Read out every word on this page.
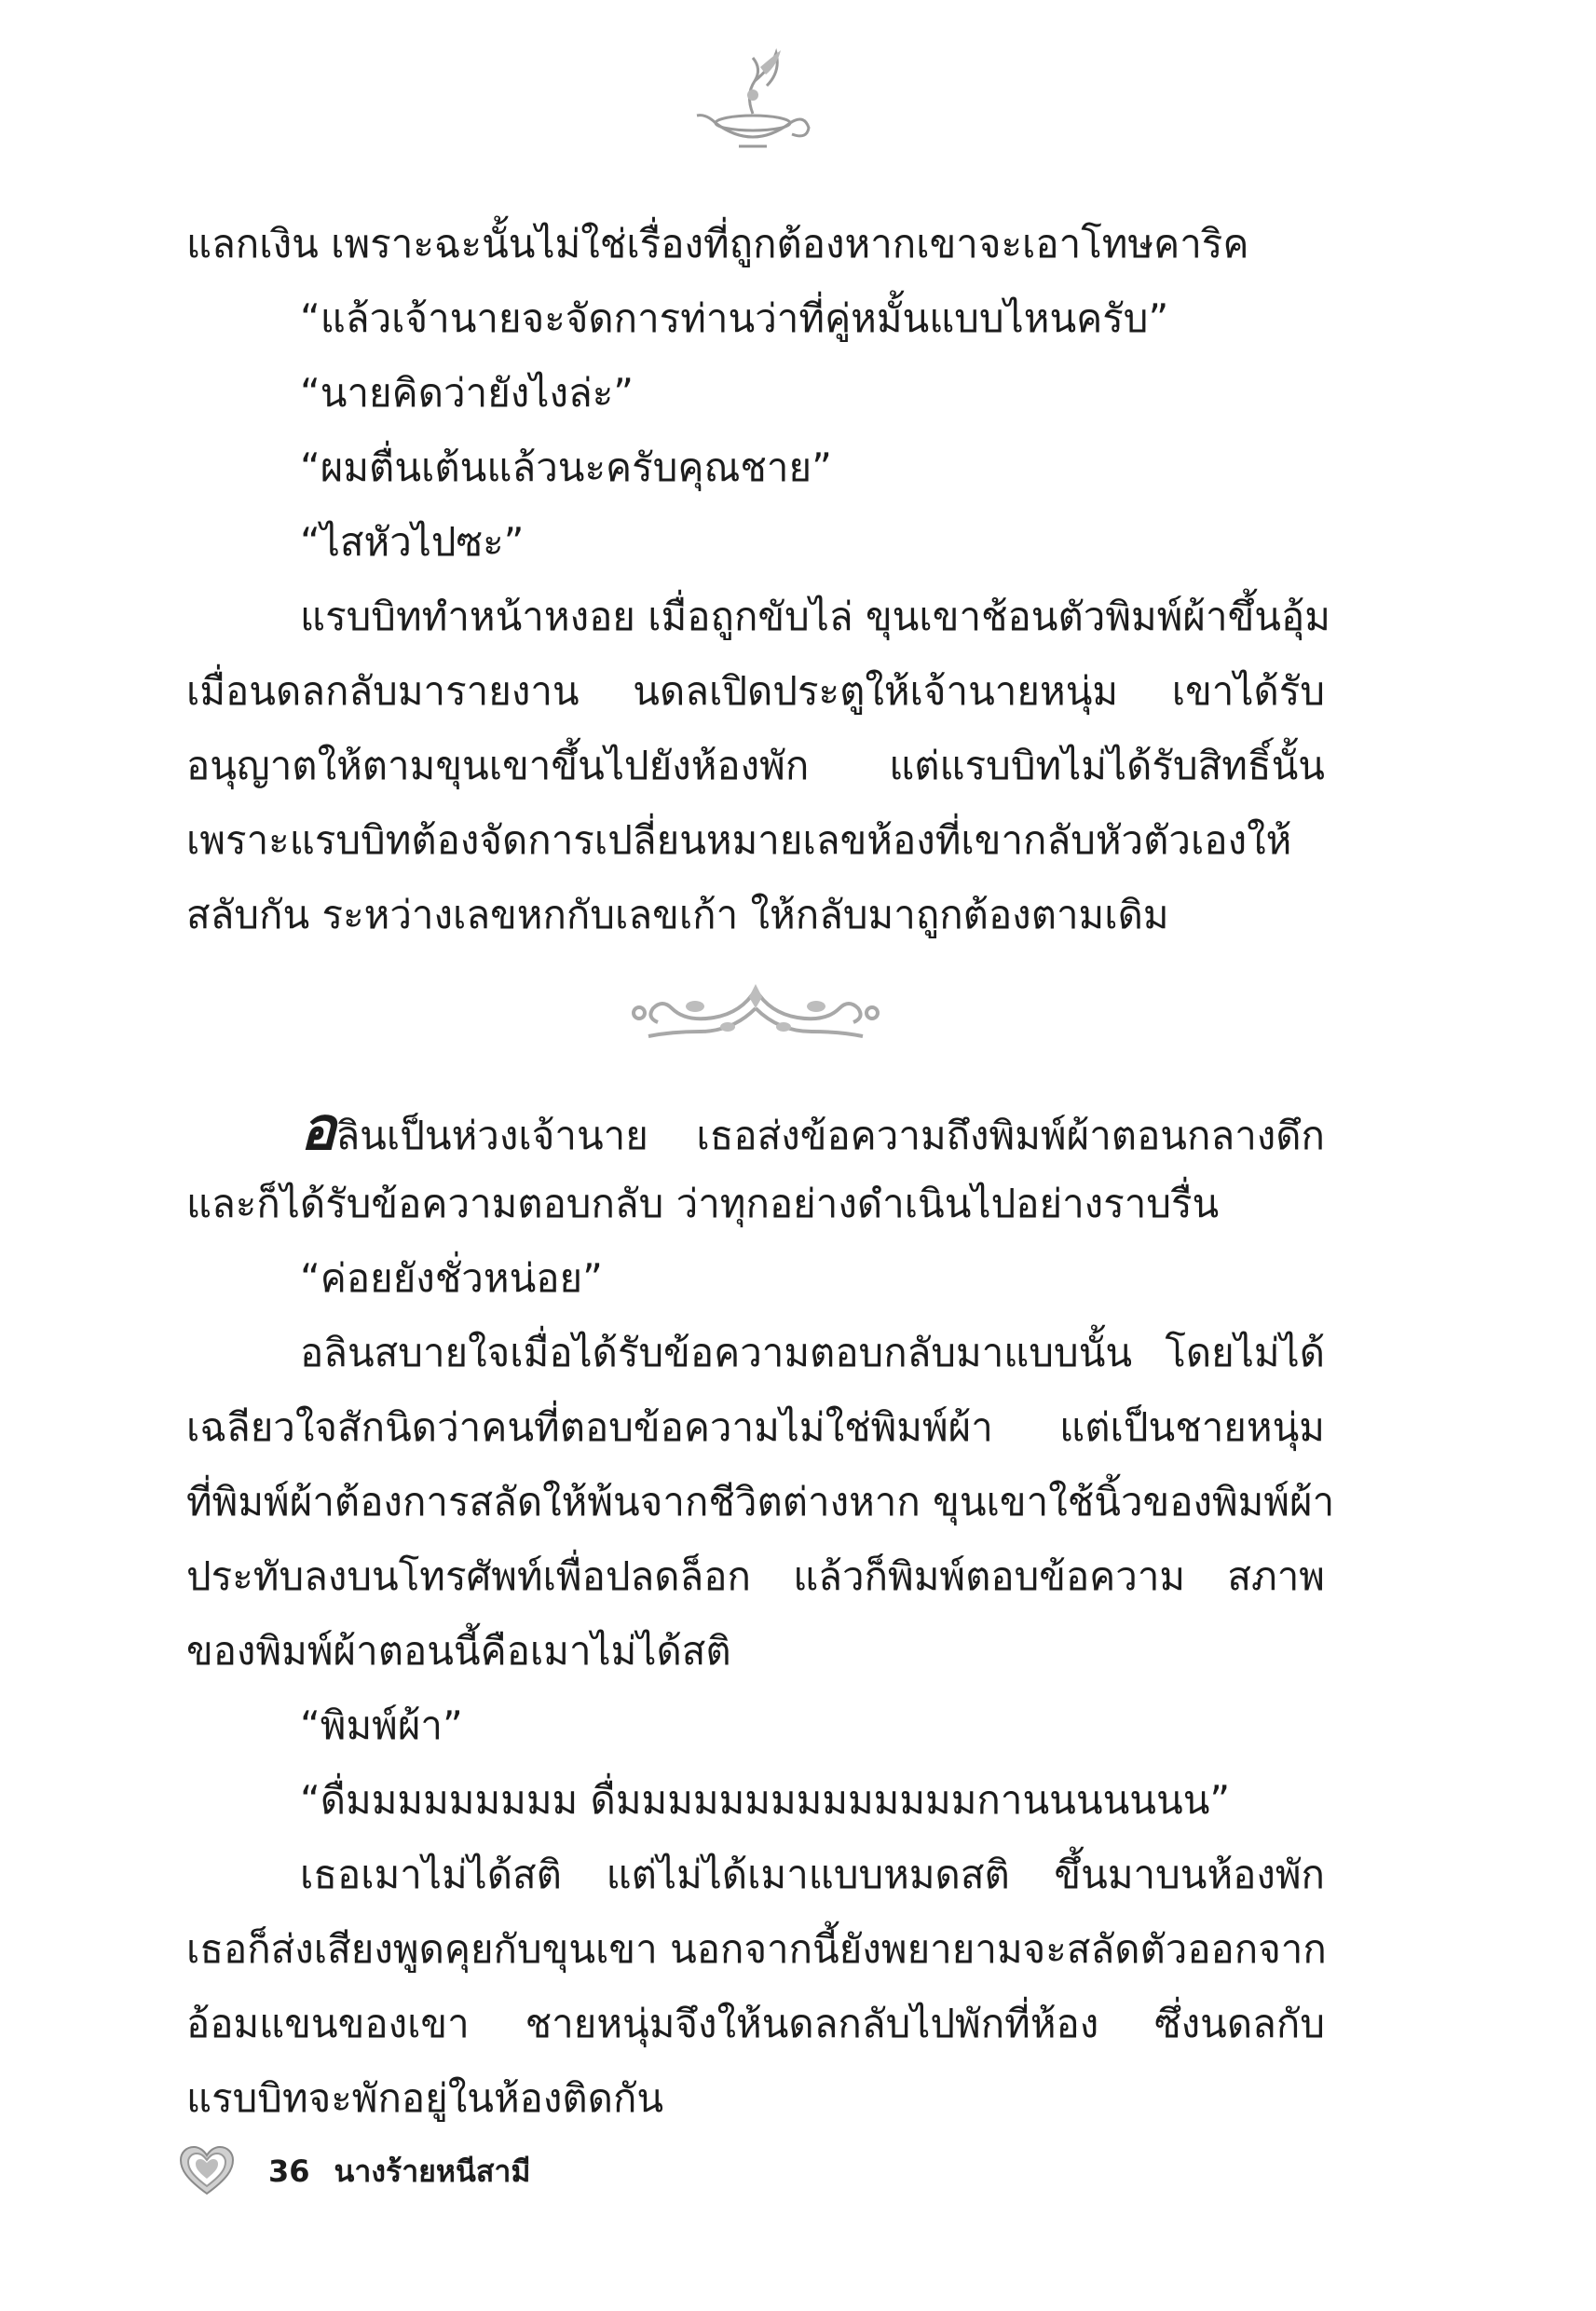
แลกเงิน เพราะฉะนั้นไม่ใช่เรื่องที่ถูกต้องหากเขาจะเอาโทษคาริค
“แล้วเจ้านายจะจัดการท่านว่าที่คู่หมั้นแบบไหนครับ”
“นายคิดว่ายังไงล่ะ”
“ผมตื่นเต้นแล้วนะครับคุณชาย”
“ไสหัวไปซะ”
แรบบิททำหน้าหงอย เมื่อถูกขับไล่ ขุนเขาช้อนตัวพิมพ์ผ้าขึ้นอุ้ม
เมื่อนดลกลับมารายงาน นดลเปิดประตูให้เจ้านายหนุ่ม เขาได้รับ
อนุญาตให้ตามขุนเขาขึ้นไปยังห้องพัก แต่แรบบิทไม่ได้รับสิทธิ์นั้น
เพราะแรบบิทต้องจัดการเปลี่ยนหมายเลขห้องที่เขากลับหัวตัวเองให้
สลับกัน ระหว่างเลขหกกับเลขเก้า ให้กลับมาถูกต้องตามเดิม
อลินเป็นห่วงเจ้านาย เธอส่งข้อความถึงพิมพ์ผ้าตอนกลางดึก
และก็ได้รับข้อความตอบกลับ ว่าทุกอย่างดำเนินไปอย่างราบรื่น
“ค่อยยังชั่วหน่อย”
อลินสบายใจเมื่อได้รับข้อความตอบกลับมาแบบนั้น โดยไม่ได้
เฉลียวใจสักนิดว่าคนที่ตอบข้อความไม่ใช่พิมพ์ผ้า แต่เป็นชายหนุ่ม
ที่พิมพ์ผ้าต้องการสลัดให้พ้นจากชีวิตต่างหาก ขุนเขาใช้นิ้วของพิมพ์ผ้า
ประทับลงบนโทรศัพท์เพื่อปลดล็อก แล้วก็พิมพ์ตอบข้อความ สภาพ
ของพิมพ์ผ้าตอนนี้คือเมาไม่ได้สติ
“พิมพ์ผ้า”
“ดื่มมมมมมมมม ดื่มมมมมมมมมมมมมมกานนนนนนน”
เธอเมาไม่ได้สติ แต่ไม่ได้เมาแบบหมดสติ ขึ้นมาบนห้องพัก
เธอก็ส่งเสียงพูดคุยกับขุนเขา นอกจากนี้ยังพยายามจะสลัดตัวออกจาก
อ้อมแขนของเขา ชายหนุ่มจึงให้นดลกลับไปพักที่ห้อง ซึ่งนดลกับ
แรบบิทจะพักอยู่ในห้องติดกัน
36 นางร้ายหนีสามี
